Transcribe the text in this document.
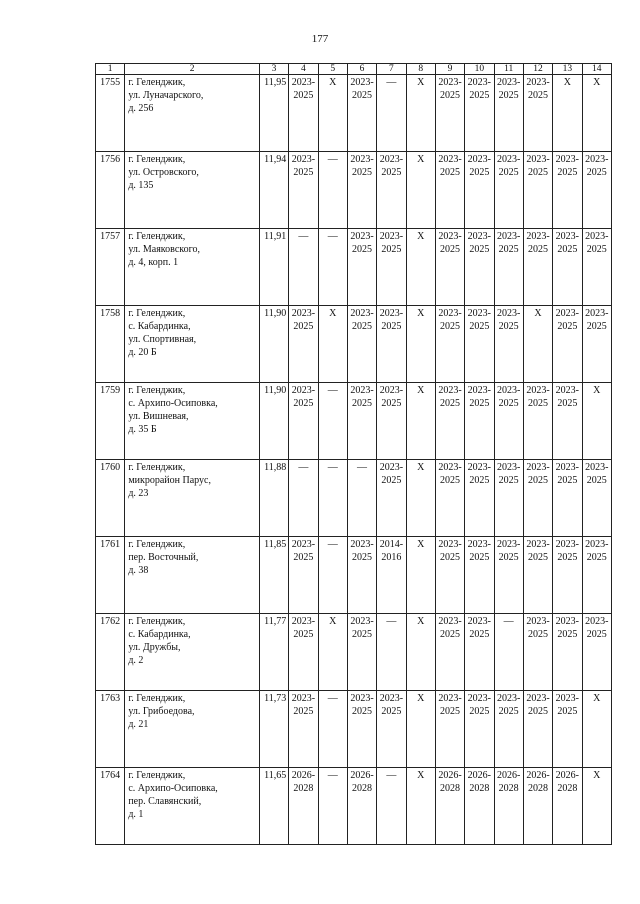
177
1	2	3	4	5	6	7	8	9	10	11	12	13	14
1755	г. Геленджик,
ул. Луначарского,
д. 256	11,95	2023-
2025	X	2023-
2025	—	X	2023-
2025	2023-
2025	2023-
2025	2023-
2025	X	X

1756	г. Геленджик,
ул. Островского,
д. 135	11,94	2023-
2025	—	2023-
2025	2023-
2025	X	2023-
2025	2023-
2025	2023-
2025	2023-
2025	2023-
2025	2023-
2025

1757	г. Геленджик,
ул. Маяковского,
д. 4, корп. 1	11,91	—	—	2023-
2025	2023-
2025	X	2023-
2025	2023-
2025	2023-
2025	2023-
2025	2023-
2025	2023-
2025

1758	г. Геленджик,
с. Кабардинка,
ул. Спортивная,
д. 20 Б	11,90	2023-
2025	X	2023-
2025	2023-
2025	X	2023-
2025	2023-
2025	2023-
2025	X	2023-
2025	2023-
2025

1759	г. Геленджик,
с. Архипо-Осиповка,
ул. Вишневая,
д. 35 Б	11,90	2023-
2025	—	2023-
2025	2023-
2025	X	2023-
2025	2023-
2025	2023-
2025	2023-
2025	2023-
2025	X

1760	г. Геленджик,
микрорайон Парус,
д. 23	11,88	—	—	—	2023-
2025	X	2023-
2025	2023-
2025	2023-
2025	2023-
2025	2023-
2025	2023-
2025

1761	г. Геленджик,
пер. Восточный,
д. 38	11,85	2023-
2025	—	2023-
2025	2014-
2016	X	2023-
2025	2023-
2025	2023-
2025	2023-
2025	2023-
2025	2023-
2025

1762	г. Геленджик,
с. Кабардинка,
ул. Дружбы,
д. 2	11,77	2023-
2025	X	2023-
2025	—	X	2023-
2025	2023-
2025	—	2023-
2025	2023-
2025	2023-
2025

1763	г. Геленджик,
ул. Грибоедова,
д. 21	11,73	2023-
2025	—	2023-
2025	2023-
2025	X	2023-
2025	2023-
2025	2023-
2025	2023-
2025	2023-
2025	X

1764	г. Геленджик,
с. Архипо-Осиповка,
пер. Славянский,
д. 1	11,65	2026-
2028	—	2026-
2028	—	X	2026-
2028	2026-
2028	2026-
2028	2026-
2028	2026-
2028	X
